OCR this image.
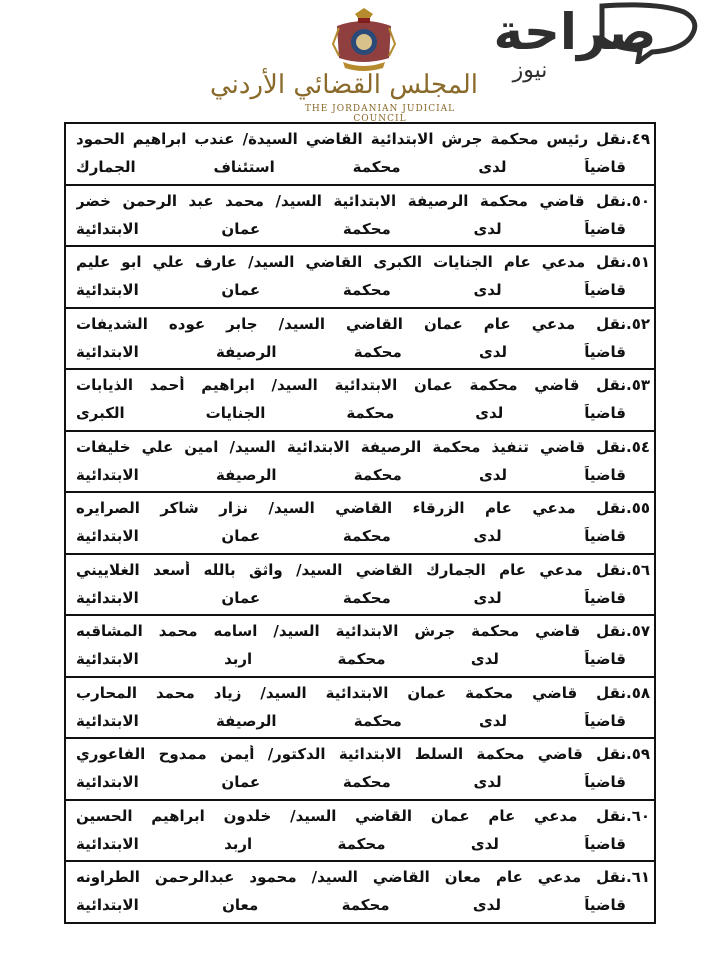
المجلس القضائي الأردني
THE JORDANIAN JUDICIAL COUNCIL
صراحة
نيوز
٤٩.
نقل رئيس محكمة جرش الابتدائية القاضي السيدة/ عندب ابراهيم الحمود
قاضياً لدى محكمة استئناف الجمارك
٥٠.
نقل قاضي محكمة الرصيفة الابتدائية السيد/ محمد عبد الرحمن خضر
قاضياً لدى محكمة عمان الابتدائية
٥١.
نقل مدعي عام الجنايات الكبرى القاضي السيد/ عارف علي ابو عليم
قاضياً لدى محكمة عمان الابتدائية
٥٢.
نقل مدعي عام عمان القاضي السيد/ جابر عوده الشديفات
قاضياً لدى محكمة الرصيفة الابتدائية
٥٣.
نقل قاضي محكمة عمان الابتدائية السيد/ ابراهيم أحمد الذيابات
قاضياً لدى محكمة الجنايات الكبرى
٥٤.
نقل قاضي تنفيذ محكمة الرصيفة الابتدائية السيد/ امين علي خليفات
قاضياً لدى محكمة الرصيفة الابتدائية
٥٥.
نقل مدعي عام الزرقاء القاضي السيد/ نزار شاكر الصرايره
قاضياً لدى محكمة عمان الابتدائية
٥٦.
نقل مدعي عام الجمارك القاضي السيد/ واثق بالله أسعد الغلاييني
قاضياً لدى محكمة عمان الابتدائية
٥٧.
نقل قاضي محكمة جرش الابتدائية السيد/ اسامه محمد المشاقبه
قاضياً لدى محكمة اربد الابتدائية
٥٨.
نقل قاضي محكمة عمان الابتدائية السيد/ زياد محمد المحارب
قاضياً لدى محكمة الرصيفة الابتدائية
٥٩.
نقل قاضي محكمة السلط الابتدائية الدكتور/ أيمن ممدوح الفاعوري
قاضياً لدى محكمة عمان الابتدائية
٦٠.
نقل مدعي عام عمان القاضي السيد/ خلدون ابراهيم الحسين
قاضياً لدى محكمة اربد الابتدائية
٦١.
نقل مدعي عام معان القاضي السيد/ محمود عبدالرحمن الطراونه
قاضياً لدى محكمة معان الابتدائية
